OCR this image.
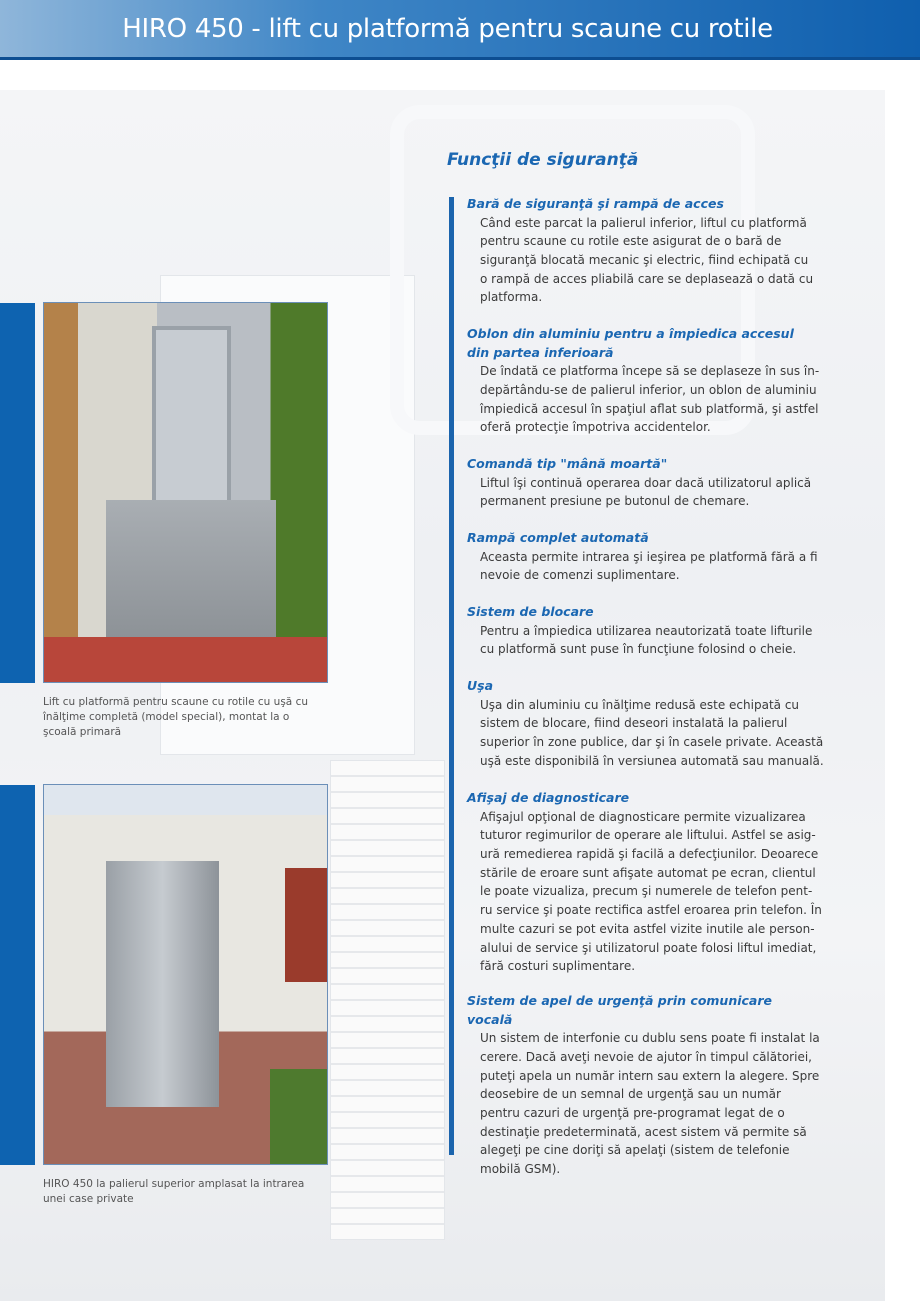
HIRO 450 - lift cu platformă pentru scaune cu rotile
Lift cu platformă pentru scaune cu rotile cu uşă cu înălţime completă (model special), montat la o şcoală primară
HIRO 450 la palierul superior amplasat la intrarea unei case private
Funcţii de siguranţă
Bară de siguranţă şi rampă de acces
Când este parcat la palierul inferior, liftul cu platformă
pentru scaune cu rotile este asigurat de o bară de
siguranţă blocată mecanic şi electric, fiind echipată cu
o rampă de acces pliabilă care se deplasează o dată cu
platforma.
Oblon din aluminiu pentru a împiedica accesul din partea inferioară
De îndată ce platforma începe să se deplaseze în sus în-
depărtându-se de palierul inferior, un oblon de aluminiu
împiedică accesul în spaţiul aflat sub platformă, şi astfel
oferă protecţie împotriva accidentelor.
Comandă tip "mână moartă"
Liftul îşi continuă operarea doar dacă utilizatorul aplică
permanent presiune pe butonul de chemare.
Rampă complet automată
Aceasta permite intrarea şi ieşirea pe platformă fără a fi
nevoie de comenzi suplimentare.
Sistem de blocare
Pentru a împiedica utilizarea neautorizată toate lifturile
cu platformă sunt puse în funcţiune folosind o cheie.
Uşa
Uşa din aluminiu cu înălţime redusă este echipată cu
sistem de blocare, fiind deseori instalată la palierul
superior în zone publice, dar şi în casele private. Această
uşă este disponibilă în versiunea automată sau manuală.
Afişaj de diagnosticare
Afişajul opţional de diagnosticare permite vizualizarea
tuturor regimurilor de operare ale liftului. Astfel se asig-
ură remedierea rapidă şi facilă a defecţiunilor. Deoarece
stările de eroare sunt afişate automat pe ecran, clientul
le poate vizualiza, precum şi numerele de telefon pent-
ru service şi poate rectifica astfel eroarea prin telefon. În
multe cazuri se pot evita astfel vizite inutile ale person-
alului de service şi utilizatorul poate folosi liftul imediat,
fără costuri suplimentare.
Sistem de apel de urgenţă prin comunicare vocală
Un sistem de interfonie cu dublu sens poate fi instalat la
cerere. Dacă aveţi nevoie de ajutor în timpul călătoriei,
puteţi apela un număr intern sau extern la alegere. Spre
deosebire de un semnal de urgenţă sau un număr
pentru cazuri de urgenţă pre-programat legat de o
destinaţie predeterminată, acest sistem vă permite să
alegeţi pe cine doriţi să apelaţi (sistem de telefonie
mobilă GSM).
